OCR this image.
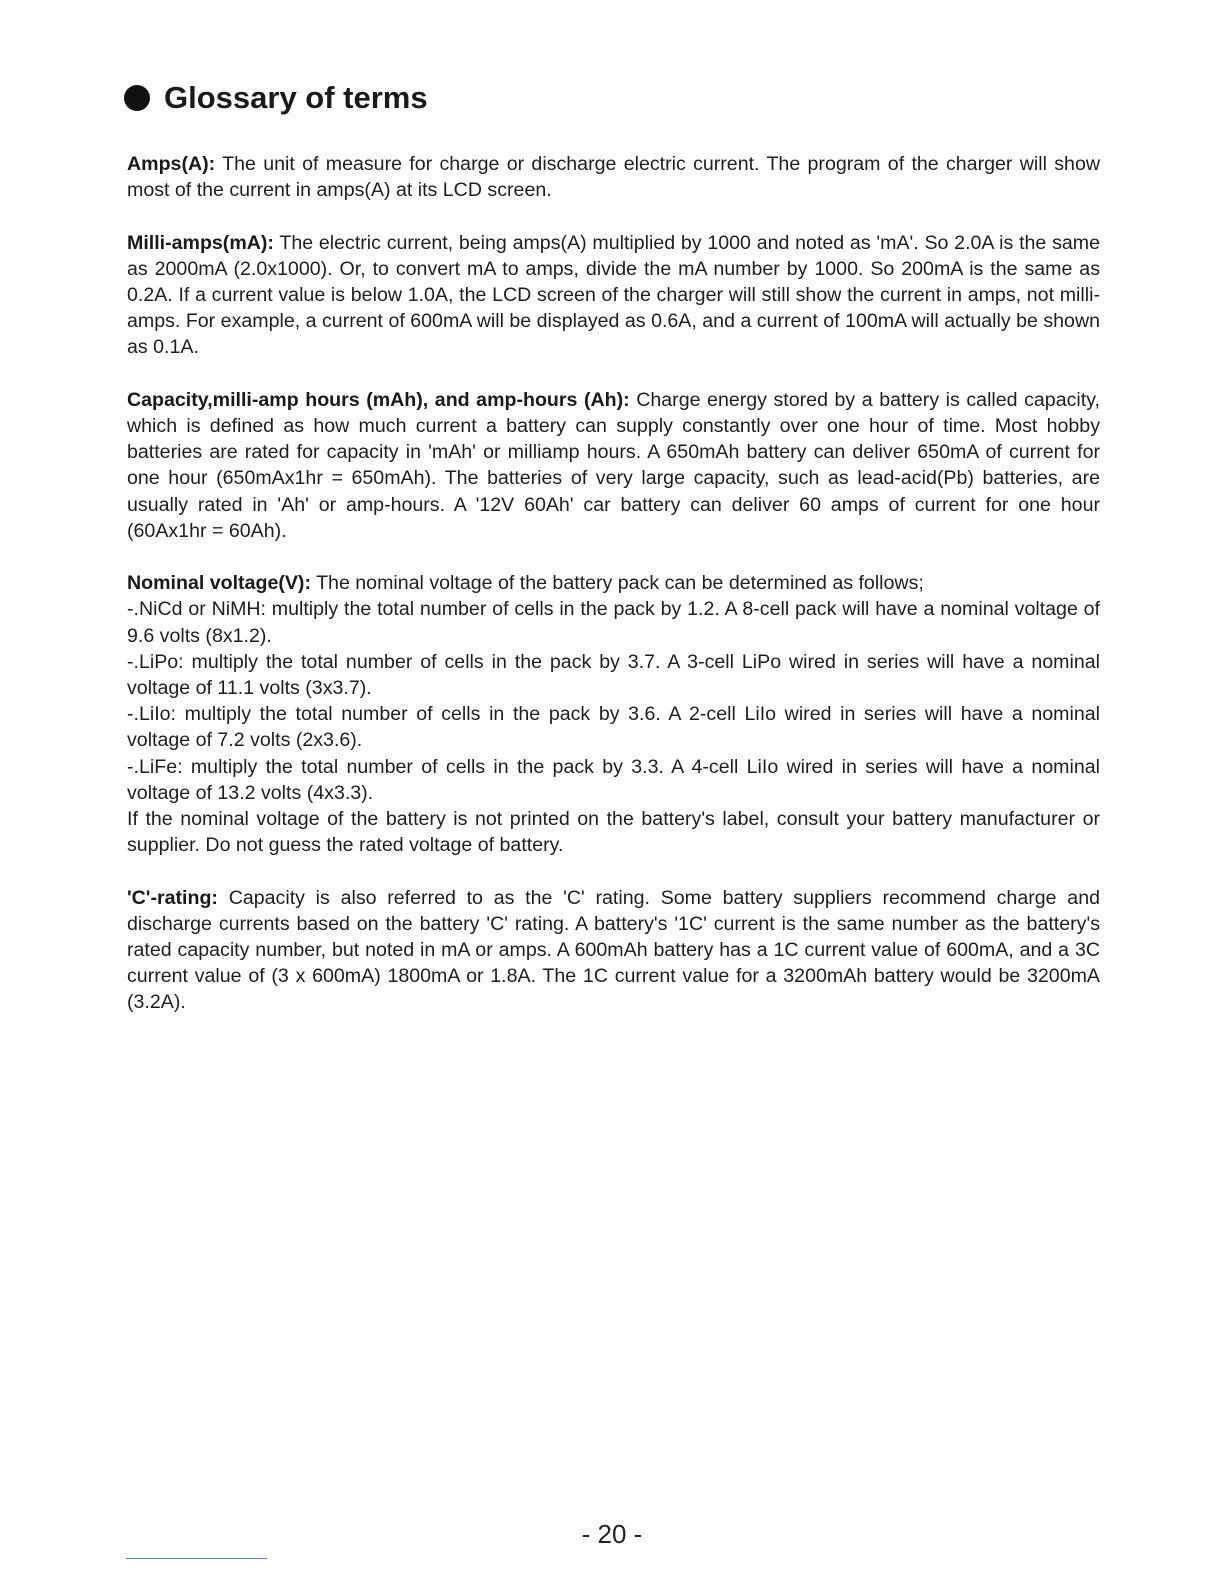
Glossary of terms

Amps(A): The unit of measure for charge or discharge electric current. The program of the charger will show most of the current in amps(A) at its LCD screen.

Milli-amps(mA): The electric current, being amps(A) multiplied by 1000 and noted as 'mA'. So 2.0A is the same as 2000mA (2.0x1000). Or, to convert mA to amps, divide the mA number by 1000. So 200mA is the same as 0.2A. If a current value is below 1.0A, the LCD screen of the charger will still show the current in amps, not milli-amps. For example, a current of 600mA will be displayed as 0.6A, and a current of 100mA will actually be shown as 0.1A.

Capacity,milli-amp hours (mAh), and amp-hours (Ah): Charge energy stored by a battery is called capacity, which is defined as how much current a battery can supply constantly over one hour of time. Most hobby batteries are rated for capacity in 'mAh' or milliamp hours. A 650mAh battery can deliver 650mA of current for one hour (650mAx1hr = 650mAh). The batteries of very large capacity, such as lead-acid(Pb) batteries, are usually rated in 'Ah' or amp-hours. A '12V 60Ah' car battery can deliver 60 amps of current for one hour (60Ax1hr = 60Ah).

Nominal voltage(V): The nominal voltage of the battery pack can be determined as follows;

-.NiCd or NiMH: multiply the total number of cells in the pack by 1.2. A 8-cell pack will have a nominal voltage of 9.6 volts (8x1.2).

-.LiPo: multiply the total number of cells in the pack by 3.7. A 3-cell LiPo wired in series will have a nominal voltage of 11.1 volts (3x3.7).

-.LiIo: multiply the total number of cells in the pack by 3.6. A 2-cell LiIo wired in series will have a nominal voltage of 7.2 volts (2x3.6).

-.LiFe: multiply the total number of cells in the pack by 3.3. A 4-cell LiIo wired in series will have a nominal voltage of 13.2 volts (4x3.3).

If the nominal voltage of the battery is not printed on the battery's label, consult your battery manufacturer or supplier. Do not guess the rated voltage of battery.

'C'-rating: Capacity is also referred to as the 'C' rating. Some battery suppliers recommend charge and discharge currents based on the battery 'C' rating. A battery's '1C' current is the same number as the battery's rated capacity number, but noted in mA or amps. A 600mAh battery has a 1C current value of 600mA, and a 3C current value of (3 x 600mA) 1800mA or 1.8A. The 1C current value for a 3200mAh battery would be 3200mA (3.2A).

- 20 -
